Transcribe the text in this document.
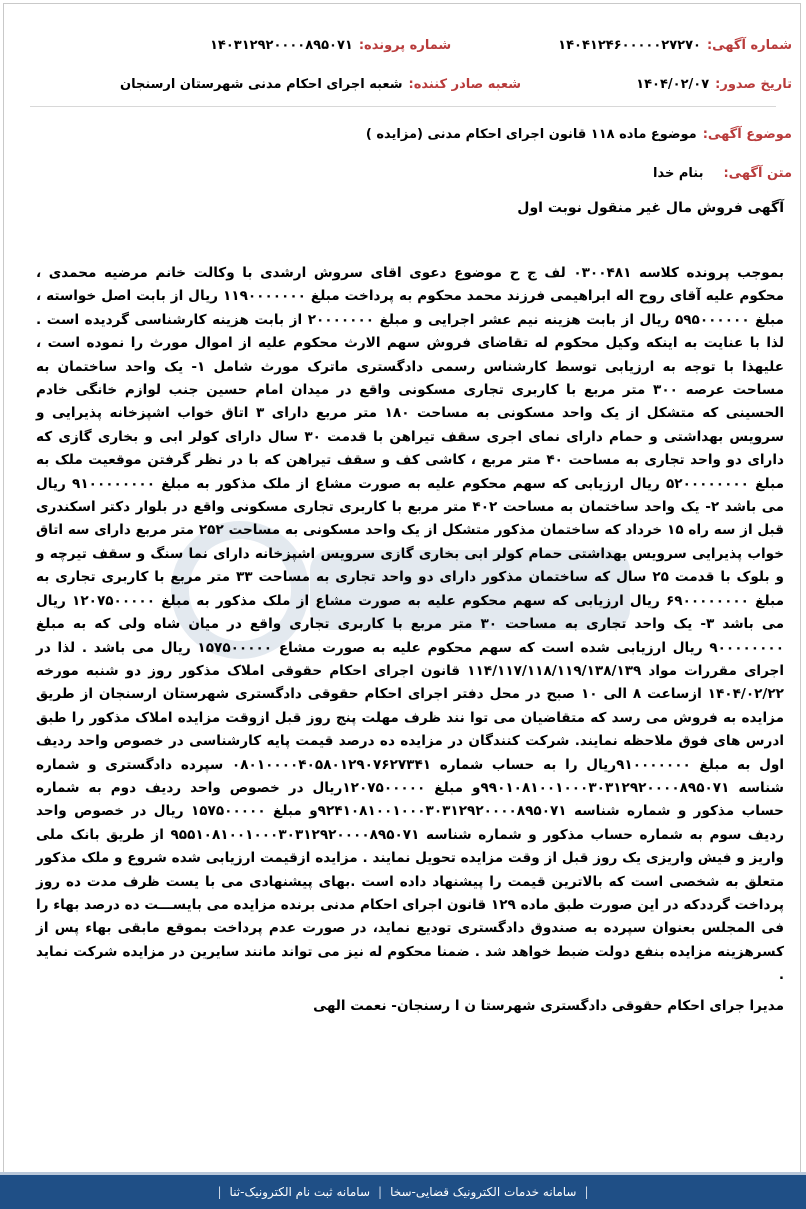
شماره آگهی:
۱۴۰۴۱۲۴۶۰۰۰۰۰۲۷۲۷۰
شماره پرونده:
۱۴۰۳۱۲۹۲۰۰۰۰۸۹۵۰۷۱
تاریخ صدور:
۱۴۰۴/۰۲/۰۷
شعبه صادر کننده:
شعبه اجرای احکام مدنی شهرستان ارسنجان
موضوع آگهی:
موضوع ماده ۱۱۸ قانون اجرای احکام مدنی (مزایده )
متن آگهی:
بنام خدا
آگهی فروش مال غیر منقول نوبت اول
بموجب پرونده کلاسه ۰۳۰۰۴۸۱ لف ج ح موضوع دعوی اقای سروش ارشدی با وکالت خانم مرضیه محمدی ، محکوم علیه آقای روح اله ابراهیمی فرزند محمد محکوم به پرداخت مبلغ ۱۱۹۰۰۰۰۰۰۰ ریال از بابت اصل خواسته ، مبلغ ۵۹۵۰۰۰۰۰۰ ریال از بابت هزینه نیم عشر اجرایی و مبلغ ۲۰۰۰۰۰۰۰ از بابت هزینه کارشناسی گردیده است . لذا با عنایت به اینکه وکیل محکوم له تقاضای فروش سهم الارث محکوم علیه از اموال مورث را نموده است ، علیهذا با توجه به ارزیابی توسط کارشناس رسمی دادگستری ماترک مورث شامل ۱- یک واحد ساختمان به مساحت عرصه ۳۰۰ متر مربع با کاربری تجاری مسکونی واقع در میدان امام حسین جنب لوازم خانگی خادم الحسینی که متشکل از یک واحد مسکونی به مساحت ۱۸۰ متر مربع دارای ۳ اتاق خواب اشپزخانه پذیرایی و سرویس بهداشتی و حمام دارای نمای اجری سقف تیراهن با قدمت ۳۰ سال دارای کولر ابی و بخاری گازی که دارای دو واحد تجاری به مساحت ۴۰ متر مربع ، کاشی کف و سقف تیراهن که با در نظر گرفتن موقعیت ملک به مبلغ ۵۲۰۰۰۰۰۰۰۰ ریال ارزیابی که سهم محکوم علیه به صورت مشاع از ملک مذکور به مبلغ ۹۱۰۰۰۰۰۰۰۰ ریال می باشد ۲- یک واحد ساختمان به مساحت ۴۰۲ متر مربع با کاربری تجاری مسکونی واقع در بلوار دکتر اسکندری قبل از سه راه ۱۵ خرداد که ساختمان مذکور متشکل از یک واحد مسکونی به مساحت ۲۵۲ متر مربع دارای سه اتاق خواب پذیرایی سرویس بهداشتی حمام کولر ابی بخاری گازی سرویس اشپزخانه دارای نما سنگ و سقف تیرچه و و بلوک با قدمت ۲۵ سال که ساختمان مذکور دارای دو واحد تجاری به مساحت ۳۳ متر مربع با کاربری تجاری به مبلغ ۶۹۰۰۰۰۰۰۰۰ ریال ارزیابی که سهم محکوم علیه به صورت مشاع از ملک مذکور به مبلغ ۱۲۰۷۵۰۰۰۰۰ ریال می باشد ۳- یک واحد تجاری به مساحت ۳۰ متر مربع با کاربری تجاری واقع در میان شاه ولی که به مبلغ ۹۰۰۰۰۰۰۰۰ ریال ارزیابی شده است که سهم محکوم علیه به صورت مشاع ۱۵۷۵۰۰۰۰۰ ریال می باشد . لذا در اجرای مقررات مواد ۱۱۴/۱۱۷/۱۱۸/۱۱۹/۱۳۸/۱۳۹ قانون اجرای احکام حقوقی املاک مذکور روز دو شنبه مورخه ۱۴۰۴/۰۲/۲۲ ازساعت ۸ الی ۱۰ صبح در محل دفتر اجرای احکام حقوقی دادگستری شهرستان ارسنجان از طریق مزایده به فروش می رسد که متقاضیان می توا نند ظرف مهلت پنج روز قبل ازوقت مزایده املاک مذکور را طبق ادرس های فوق ملاحظه نمایند. شرکت کنندگان در مزایده ده درصد قیمت پایه کارشناسی در خصوص واحد ردیف اول به مبلغ ۹۱۰۰۰۰۰۰۰ریال را به حساب شماره ۰۸۰۱۰۰۰۰۴۰۵۸۰۱۲۹۰۷۶۲۷۳۴۱ سپرده دادگستری و شماره شناسه ۹۹۰۱۰۸۱۰۰۱۰۰۰۳۰۳۱۲۹۲۰۰۰۰۸۹۵۰۷۱و مبلغ ۱۲۰۷۵۰۰۰۰۰ریال در خصوص واحد ردیف دوم به شماره حساب مذکور و شماره شناسه ۹۲۴۱۰۸۱۰۰۱۰۰۰۳۰۳۱۲۹۲۰۰۰۰۸۹۵۰۷۱و مبلغ ۱۵۷۵۰۰۰۰۰ ریال در خصوص واحد ردیف سوم به شماره حساب مذکور و شماره شناسه ۹۵۵۱۰۸۱۰۰۱۰۰۰۳۰۳۱۲۹۲۰۰۰۰۸۹۵۰۷۱ از طریق بانک ملی واریز و فیش واریزی یک روز قبل از وقت مزایده تحویل نمایند . مزایده ازقیمت ارزیابی شده شروع و ملک مذکور متعلق به شخصی است که بالاترین قیمت را پیشنهاد داده است .بهای پیشنهادی می با یست ظرف مدت ده روز پرداخت گرددکه در این صورت طبق ماده ۱۲۹ قانون اجرای احکام مدنی برنده مزایده می بایســـت ده درصد بهاء را فی المجلس بعنوان سپرده به صندوق دادگستری تودیع نماید، در صورت عدم پرداخت بموقع مابقی بهاء پس از کسرهزینه مزایده بنفع دولت ضبط خواهد شد . ضمنا محکوم له نیز می تواند مانند سایرین در مزایده شرکت نماید .
مدیرا جرای احکام حقوقی دادگستری شهرستا ن ا رسنجان- نعمت الهی
|
سامانه خدمات الکترونیک قضایی-سخا
|
سامانه ثبت نام الکترونیک-ثنا
|
